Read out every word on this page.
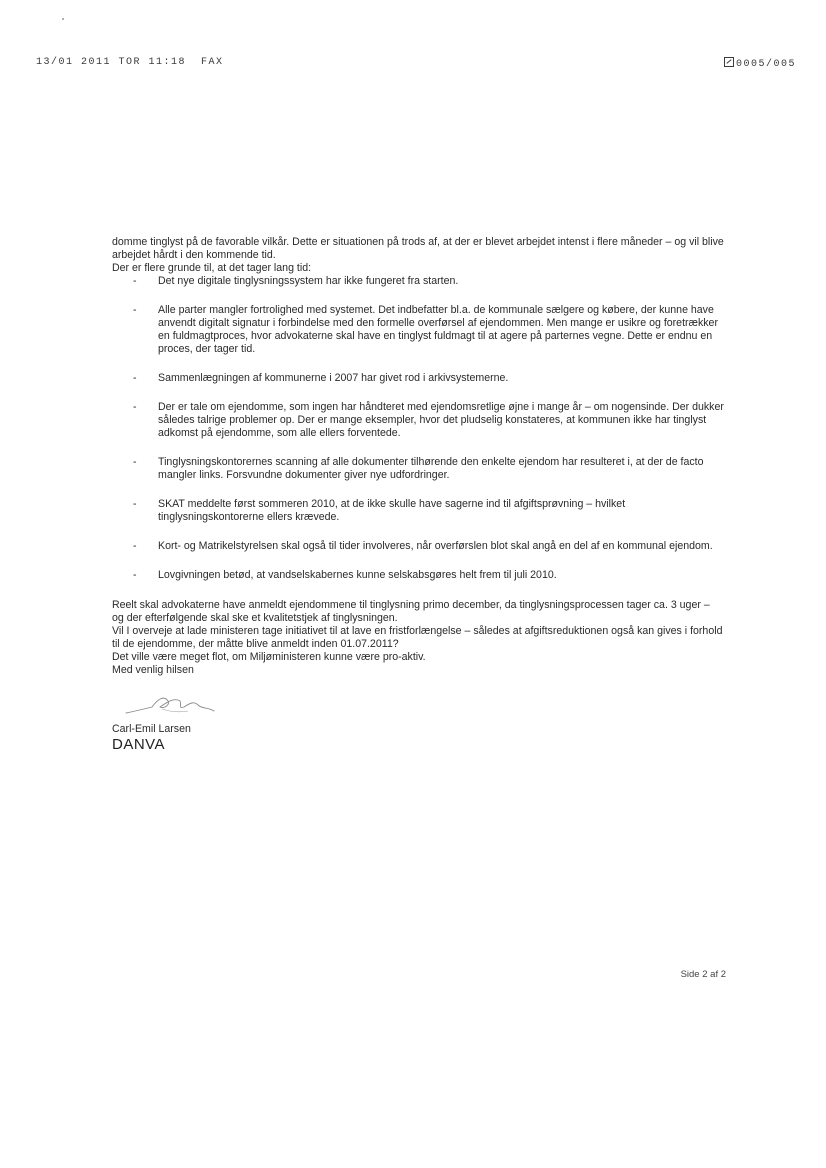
13/01 2011 TOR 11:18  FAX	0005/005

domme tinglyst på de favorable vilkår. Dette er situationen på trods af, at der er blevet arbejdet intenst i flere måneder – og vil blive arbejdet hårdt i den kommende tid.

Der er flere grunde til, at det tager lang tid:

- Det nye digitale tinglysningssystem har ikke fungeret fra starten.
- Alle parter mangler fortrolighed med systemet. Det indbefatter bl.a. de kommunale sælgere og købere, der kunne have anvendt digitalt signatur i forbindelse med den formelle overførsel af ejendommen. Men mange er usikre og foretrækker en fuldmagtproces, hvor advokaterne skal have en tinglyst fuldmagt til at agere på parternes vegne. Dette er endnu en proces, der tager tid.
- Sammenlægningen af kommunerne i 2007 har givet rod i arkivsystemerne.
- Der er tale om ejendomme, som ingen har håndteret med ejendomsretlige øjne i mange år – om nogensinde. Der dukker således talrige problemer op. Der er mange eksempler, hvor det pludselig konstateres, at kommunen ikke har tinglyst adkomst på ejendomme, som alle ellers forventede.
- Tinglysningskontorernes scanning af alle dokumenter tilhørende den enkelte ejendom har resulteret i, at der de facto mangler links. Forsvundne dokumenter giver nye udfordringer.
- SKAT meddelte først sommeren 2010, at de ikke skulle have sagerne ind til afgiftsprøvning – hvilket tinglysningskontorerne ellers krævede.
- Kort- og Matrikelstyrelsen skal også til tider involveres, når overførslen blot skal angå en del af en kommunal ejendom.
- Lovgivningen betød, at vandselskabernes kunne selskabsgøres helt frem til juli 2010.

Reelt skal advokaterne have anmeldt ejendommene til tinglysning primo december, da tinglysningsprocessen tager ca. 3 uger – og der efterfølgende skal ske et kvalitetstjek af tinglysningen.

Vil I overveje at lade ministeren tage initiativet til at lave en fristforlængelse – således at afgiftsreduktionen også kan gives i forhold til de ejendomme, der måtte blive anmeldt inden 01.07.2011?

Det ville være meget flot, om Miljøministeren kunne være pro-aktiv.

Med venlig hilsen

Carl-Emil Larsen

DANVA

Side 2 af 2
